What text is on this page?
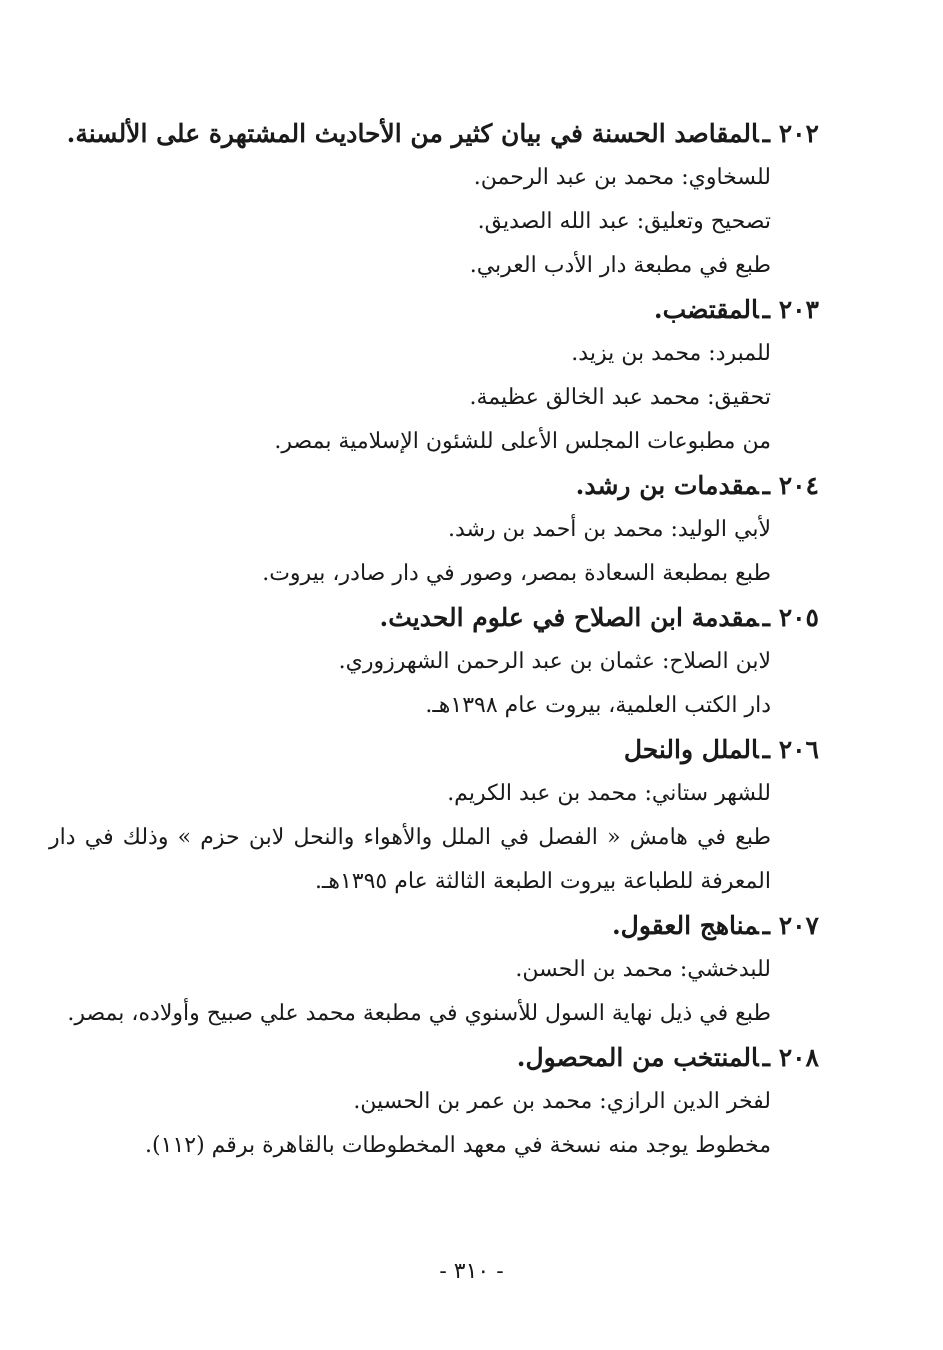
٢٠٢ ـالمقاصد الحسنة في بيان كثير من الأحاديث المشتهرة على الألسنة.
للسخاوي: محمد بن عبد الرحمن.
تصحيح وتعليق: عبد الله الصديق.
طبع في مطبعة دار الأدب العربي.
٢٠٣ ـالمقتضب.
للمبرد: محمد بن يزيد.
تحقيق: محمد عبد الخالق عظيمة.
من مطبوعات المجلس الأعلى للشئون الإسلامية بمصر.
٢٠٤ ـمقدمات بن رشد.
لأبي الوليد: محمد بن أحمد بن رشد.
طبع بمطبعة السعادة بمصر، وصور في دار صادر، بيروت.
٢٠٥ ـمقدمة ابن الصلاح في علوم الحديث.
لابن الصلاح: عثمان بن عبد الرحمن الشهرزوري.
دار الكتب العلمية، بيروت عام ١٣٩٨هـ.
٢٠٦ ـالملل والنحل
للشهر ستاني: محمد بن عبد الكريم.
طبع في هامش « الفصل في الملل والأهواء والنحل لابن حزم » وذلك في دار المعرفة للطباعة بيروت الطبعة الثالثة عام ١٣٩٥هـ.
٢٠٧ ـمناهج العقول.
للبدخشي: محمد بن الحسن.
طبع في ذيل نهاية السول للأسنوي في مطبعة محمد علي صبيح وأولاده، بمصر.
٢٠٨ ـالمنتخب من المحصول.
لفخر الدين الرازي: محمد بن عمر بن الحسين.
مخطوط يوجد منه نسخة في معهد المخطوطات بالقاهرة برقم (١١٢).
- ٣١٠ -
